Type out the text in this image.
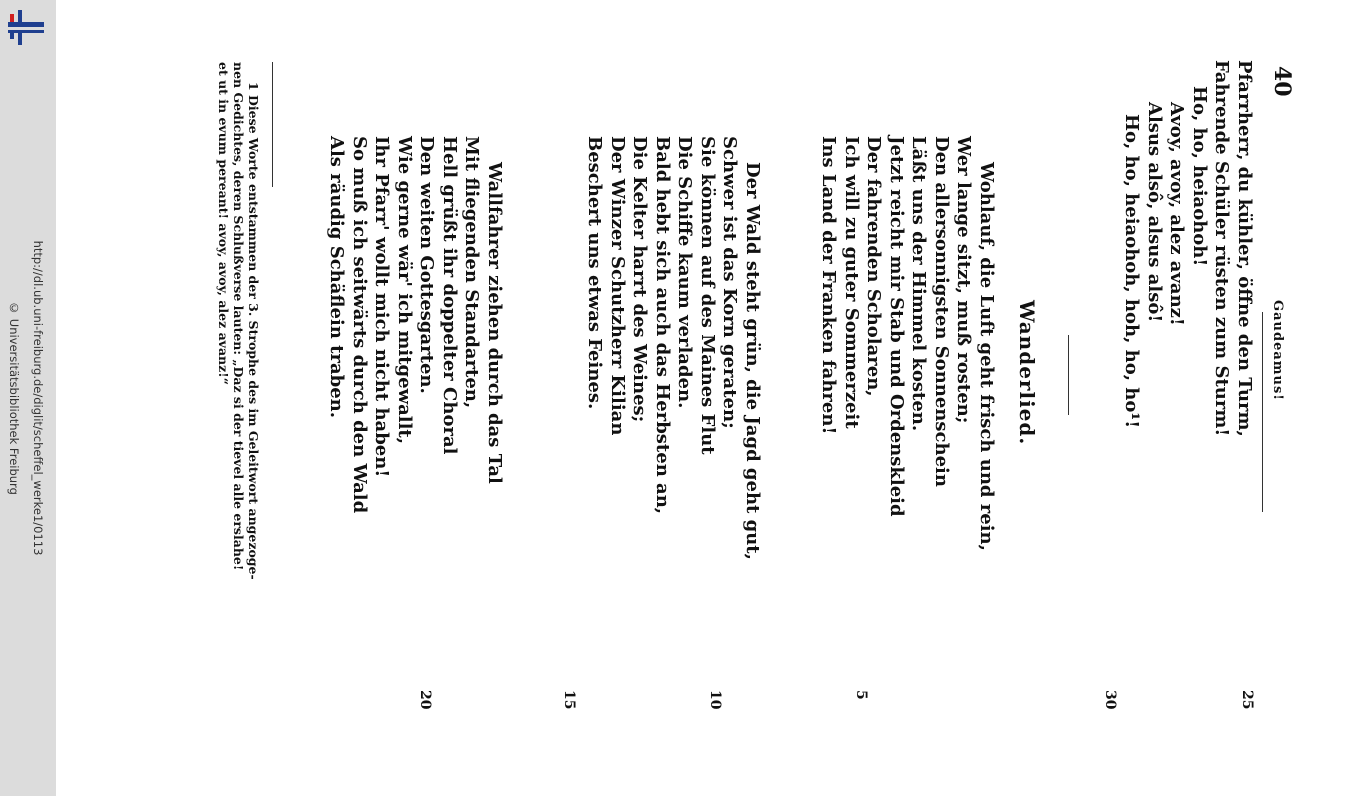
http://dl.ub.uni-freiburg.de/diglit/scheffel_werke1/0113
© Universitätsbibliothek Freiburg
40
Gaudeamus!
Pfarrherr, du kühler, öffne den Turm,
Fahrende Schüler rüsten zum Sturm!
Ho, ho, heiaohoh!
Avoy, avoy, alez avanz!
Alsus alsô, alsus alsô!
Ho, ho, heiaohoh, hoh, ho, ho¹!
Wanderlied.
Wohlauf, die Luft geht frisch und rein,
Wer lange sitzt, muß rosten;
Den allersonnigsten Sonnenschein
Läßt uns der Himmel kosten.
Jetzt reicht mir Stab und Ordenskleid
Der fahrenden Scholaren,
Ich will zu guter Sommerzeit
Ins Land der Franken fahren!
Der Wald steht grün, die Jagd geht gut,
Schwer ist das Korn geraten;
Sie können auf des Maines Flut
Die Schiffe kaum verladen.
Bald hebt sich auch das Herbsten an,
Die Kelter harrt des Weines;
Der Winzer Schutzherr Kilian
Beschert uns etwas Feines.
Wallfahrer ziehen durch das Tal
Mit fliegenden Standarten,
Hell grüßt ihr doppelter Choral
Den weiten Gottesgarten.
Wie gerne wär' ich mitgewallt,
Ihr Pfarr' wollt mich nicht haben!
So muß ich seitwärts durch den Wald
Als räudig Schäflein traben.
25
30
5
10
15
20
1 Diese Worte entstammen der 3. Strophe des im Geleitwort angezoge-
nen Gedichtes, deren Schlußverse lauten: „Daz si der tievel alle erslahe!
et ut in evum pereant! avoy, avoy, alez avanz!“
